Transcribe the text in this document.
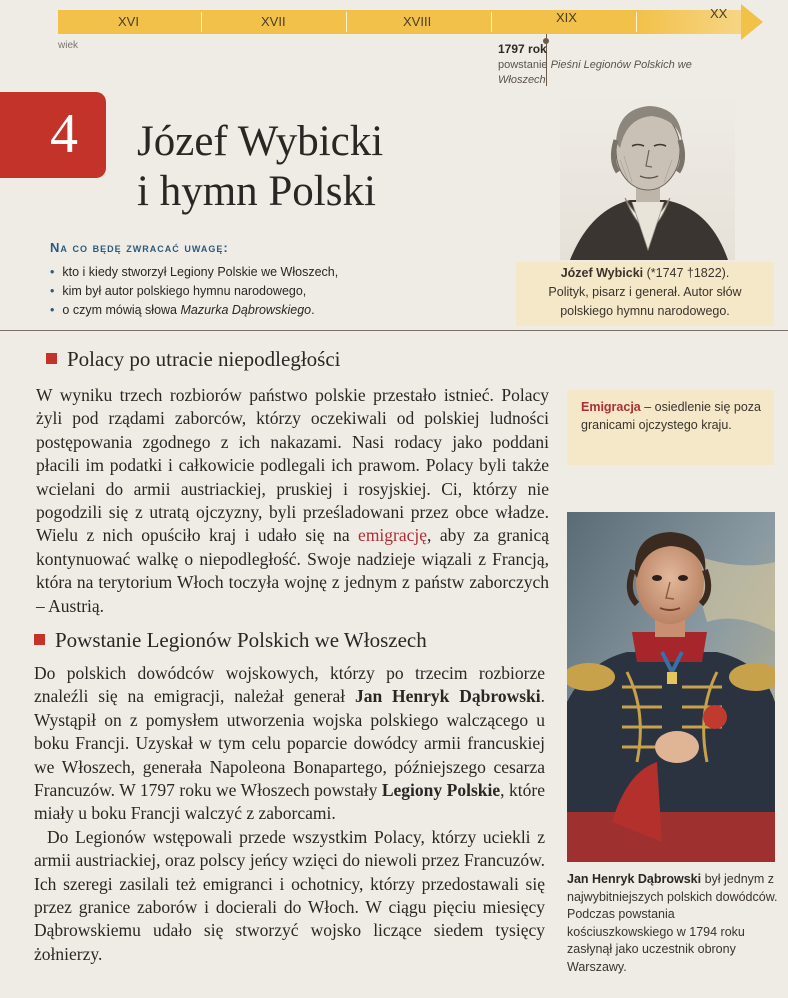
XVI	XVII	XVIII	XIX	XX
wiek	1797 rok
powstanie Pieśni Legionów Polskich we Włoszech
4 Józef Wybicki
i hymn Polski
Na co będę zwracać uwagę:
• kto i kiedy stworzył Legiony Polskie we Włoszech,
• kim był autor polskiego hymnu narodowego,
• o czym mówią słowa Mazurka Dąbrowskiego.
Józef Wybicki (*1747 †1822).
Polityk, pisarz i generał. Autor słów
polskiego hymnu narodowego.
Polacy po utracie niepodległości

W wyniku trzech rozbiorów państwo polskie przestało istnieć. Polacy żyli pod rządami zaborców, którzy oczekiwali od polskiej ludności postępowania zgodnego z ich nakazami. Nasi rodacy jako poddani płacili im podatki i całkowicie podlegali ich prawom. Polacy byli także wcielani do armii austriackiej, pruskiej i rosyjskiej. Ci, którzy nie pogodzili się z utratą ojczyzny, byli prześladowani przez obce władze. Wielu z nich opuściło kraj i udało się na emigrację, aby za granicą kontynuować walkę o niepodległość. Swoje nadzieje wiązali z Francją, która na terytorium Włoch toczyła wojnę z jednym z państw zaborczych – Austrią.

Emigracja – osiedlenie się poza granicami ojczystego kraju.
Powstanie Legionów Polskich we Włoszech

Do polskich dowódców wojskowych, którzy po trzecim rozbiorze znaleźli się na emigracji, należał generał Jan Henryk Dąbrowski. Wystąpił on z pomysłem utworzenia wojska polskiego walczącego u boku Francji. Uzyskał w tym celu poparcie dowódcy armii francuskiej we Włoszech, generała Napoleona Bonapartego, późniejszego cesarza Francuzów. W 1797 roku we Włoszech powstały Legiony Polskie, które miały u boku Francji walczyć z zaborcami.

Do Legionów wstępowali przede wszystkim Polacy, którzy uciekli z armii austriackiej, oraz polscy jeńcy wzięci do niewoli przez Francuzów. Ich szeregi zasilali też emigranci i ochotnicy, którzy przedostawali się przez granice zaborów i docierali do Włoch. W ciągu pięciu miesięcy Dąbrowskiemu udało się stworzyć wojsko liczące siedem tysięcy żołnierzy.

Jan Henryk Dąbrowski był jednym z najwybitniejszych polskich dowódców. Podczas powstania kościuszkowskiego w 1794 roku zasłynął jako uczestnik obrony Warszawy.
